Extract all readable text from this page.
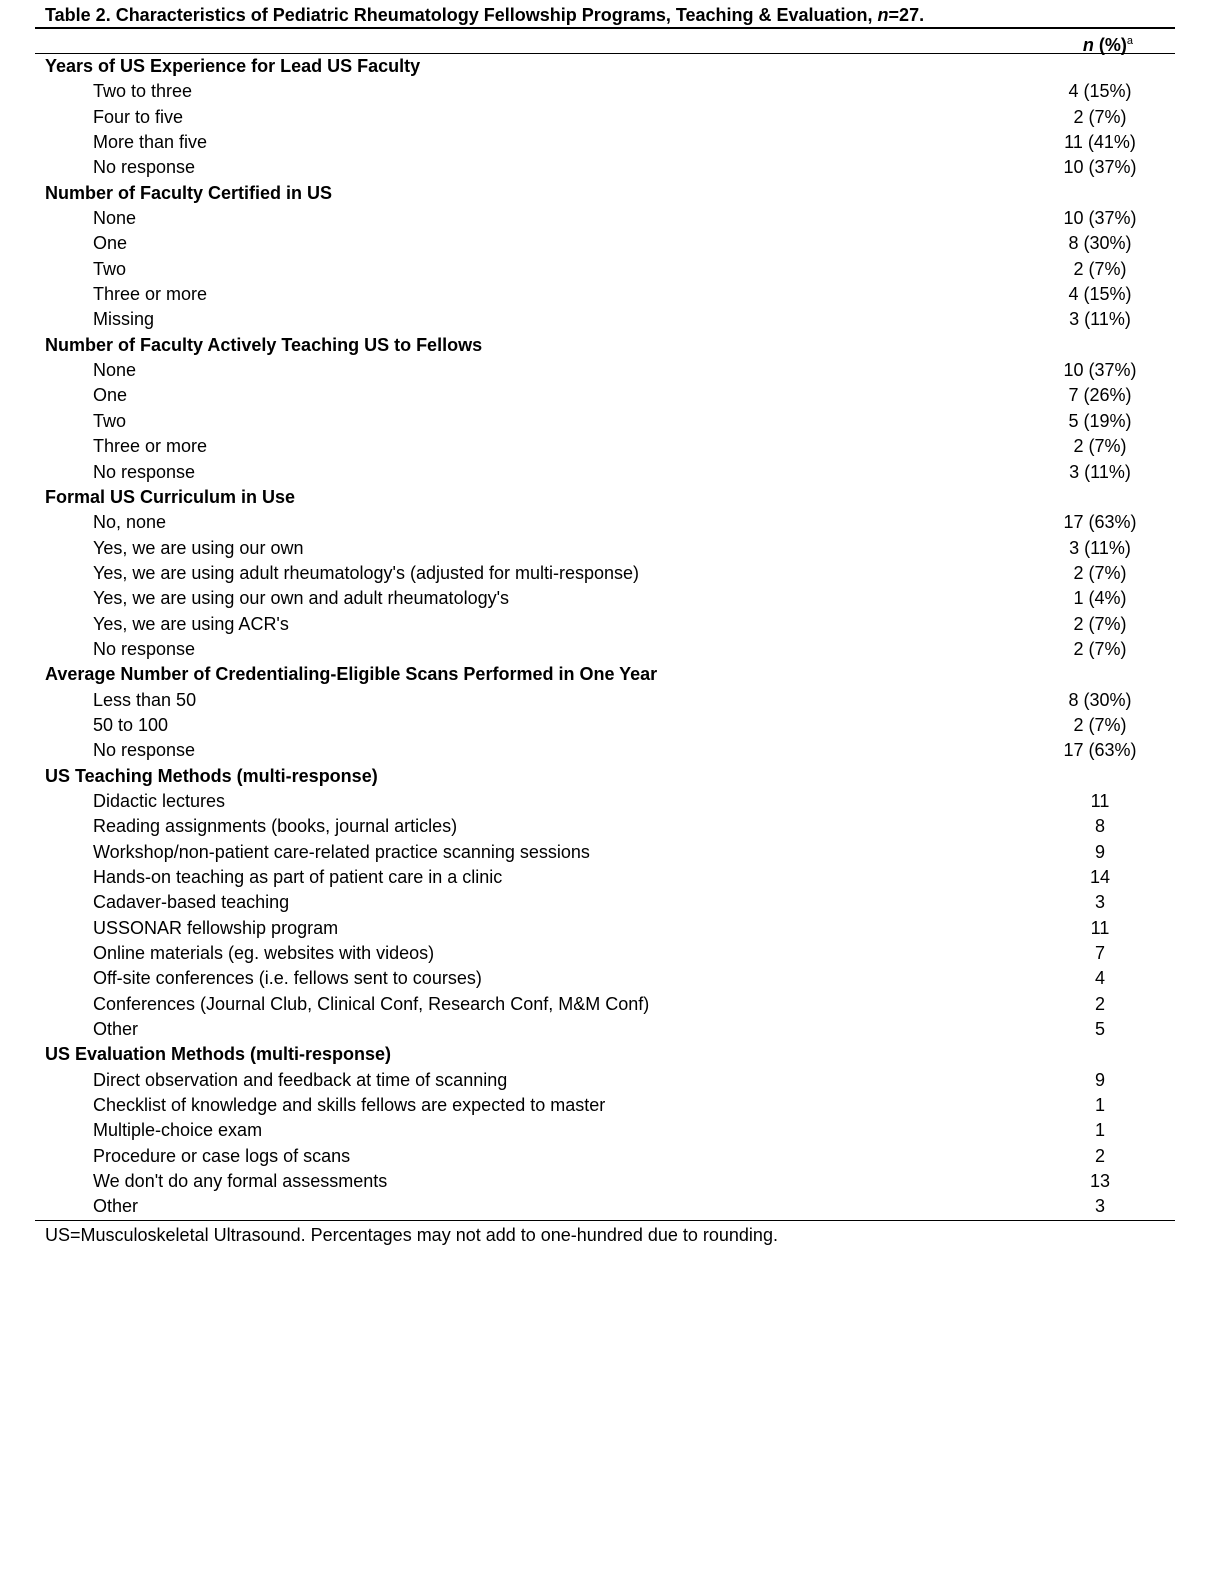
Table 2. Characteristics of Pediatric Rheumatology Fellowship Programs, Teaching & Evaluation, n=27.
n (%)$^a$
Years of US Experience for Lead US Faculty
Two to three	4 (15%)
Four to five	2 (7%)
More than five	11 (41%)
No response	10 (37%)
Number of Faculty Certified in US
None	10 (37%)
One	8 (30%)
Two	2 (7%)
Three or more	4 (15%)
Missing	3 (11%)
Number of Faculty Actively Teaching US to Fellows
None	10 (37%)
One	7 (26%)
Two	5 (19%)
Three or more	2 (7%)
No response	3 (11%)
Formal US Curriculum in Use
No, none	17 (63%)
Yes, we are using our own	3 (11%)
Yes, we are using adult rheumatology's (adjusted for multi-response)	2 (7%)
Yes, we are using our own and adult rheumatology's	1 (4%)
Yes, we are using ACR's	2 (7%)
No response	2 (7%)
Average Number of Credentialing-Eligible Scans Performed in One Year
Less than 50	8 (30%)
50 to 100	2 (7%)
No response	17 (63%)
US Teaching Methods (multi-response)
Didactic lectures	11
Reading assignments (books, journal articles)	8
Workshop/non-patient care-related practice scanning sessions	9
Hands-on teaching as part of patient care in a clinic	14
Cadaver-based teaching	3
USSONAR fellowship program	11
Online materials (eg. websites with videos)	7
Off-site conferences (i.e. fellows sent to courses)	4
Conferences (Journal Club, Clinical Conf, Research Conf, M&M Conf)	2
Other	5
US Evaluation Methods (multi-response)
Direct observation and feedback at time of scanning	9
Checklist of knowledge and skills fellows are expected to master	1
Multiple-choice exam	1
Procedure or case logs of scans	2
We don't do any formal assessments	13
Other	3
US=Musculoskeletal Ultrasound. Percentages may not add to one-hundred due to rounding.
